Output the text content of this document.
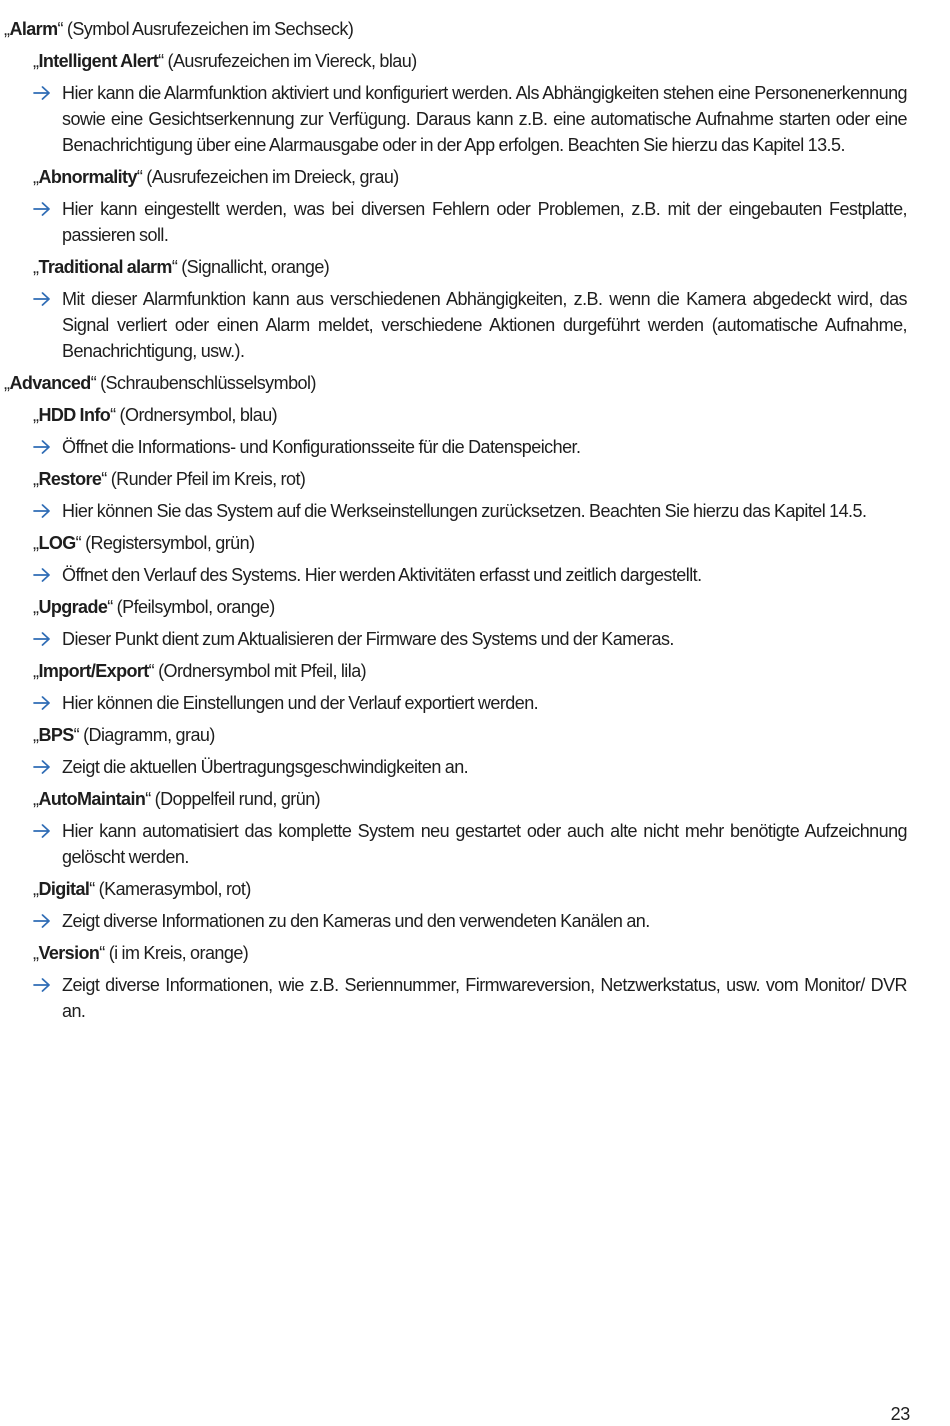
„Alarm“ (Symbol Ausrufezeichen im Sechseck)

„Intelligent Alert“ (Ausrufezeichen im Viereck, blau)

Hier kann die Alarmfunktion aktiviert und konfiguriert werden. Als Abhängigkeiten stehen eine Personenerkennung sowie eine Gesichtserkennung zur Verfügung. Daraus kann z.B. eine automatische Aufnahme starten oder eine Benachrichtigung über eine Alarmausgabe oder in der App erfolgen. Beachten Sie hierzu das Kapitel 13.5.

„Abnormality“ (Ausrufezeichen im Dreieck, grau)

Hier kann eingestellt werden, was bei diversen Fehlern oder Problemen, z.B. mit der eingebauten Festplatte, passieren soll.

„Traditional alarm“ (Signallicht, orange)

Mit dieser Alarmfunktion kann aus verschiedenen Abhängigkeiten, z.B. wenn die Kamera abgedeckt wird, das Signal verliert oder einen Alarm meldet, verschiedene Aktionen durgeführt werden (automatische Aufnahme, Benachrichtigung, usw.).

„Advanced“ (Schraubenschlüsselsymbol)

„HDD Info“ (Ordnersymbol, blau)

Öffnet die Informations- und Konfigurationsseite für die Datenspeicher.

„Restore“ (Runder Pfeil im Kreis, rot)

Hier können Sie das System auf die Werkseinstellungen zurücksetzen. Beachten Sie hierzu das Kapitel 14.5.

„LOG“ (Registersymbol, grün)

Öffnet den Verlauf des Systems. Hier werden Aktivitäten erfasst und zeitlich dargestellt.

„Upgrade“ (Pfeilsymbol, orange)

Dieser Punkt dient zum Aktualisieren der Firmware des Systems und der Kameras.

„Import/Export“ (Ordnersymbol mit Pfeil, lila)

Hier können die Einstellungen und der Verlauf exportiert werden.

„BPS“ (Diagramm, grau)

Zeigt die aktuellen Übertragungsgeschwindigkeiten an.

„AutoMaintain“ (Doppelfeil rund, grün)

Hier kann automatisiert das komplette System neu gestartet oder auch alte nicht mehr benötigte Aufzeichnung gelöscht werden.

„Digital“ (Kamerasymbol, rot)

Zeigt diverse Informationen zu den Kameras und den verwendeten Kanälen an.

„Version“ (i im Kreis, orange)

Zeigt diverse Informationen, wie z.B. Seriennummer, Firmwareversion, Netzwerkstatus, usw. vom Monitor/ DVR an.

23
